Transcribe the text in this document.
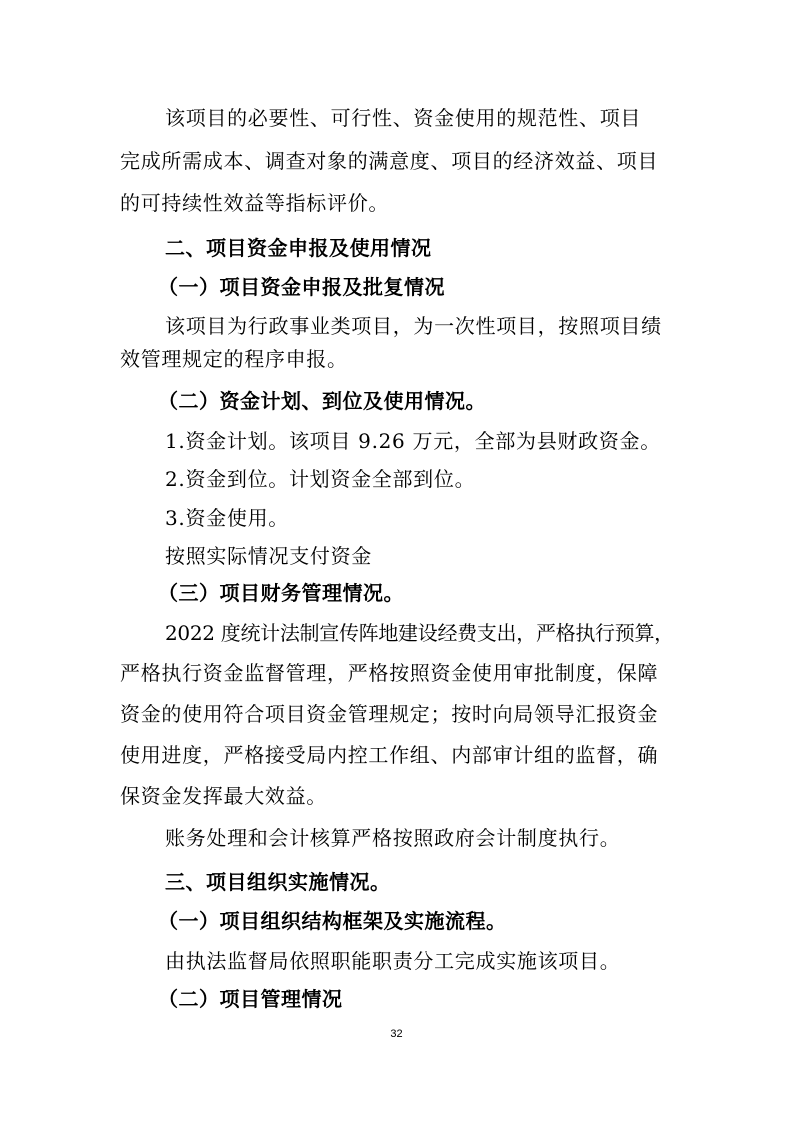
该项目的必要性、可行性、资金使用的规范性、项目
完成所需成本、调查对象的满意度、项目的经济效益、项目
的可持续性效益等指标评价。
二、项目资金申报及使用情况
（一）项目资金申报及批复情况
该项目为行政事业类项目，为一次性项目，按照项目绩
效管理规定的程序申报。
（二）资金计划、到位及使用情况。
1.资金计划。该项目 9.26 万元，全部为县财政资金。
2.资金到位。计划资金全部到位。
3.资金使用。
按照实际情况支付资金
（三）项目财务管理情况。
2022 度统计法制宣传阵地建设经费支出，严格执行预算，
严格执行资金监督管理，严格按照资金使用审批制度，保障
资金的使用符合项目资金管理规定；按时向局领导汇报资金
使用进度，严格接受局内控工作组、内部审计组的监督，确
保资金发挥最大效益。
账务处理和会计核算严格按照政府会计制度执行。
三、项目组织实施情况。
（一）项目组织结构框架及实施流程。
由执法监督局依照职能职责分工完成实施该项目。
（二）项目管理情况
32
